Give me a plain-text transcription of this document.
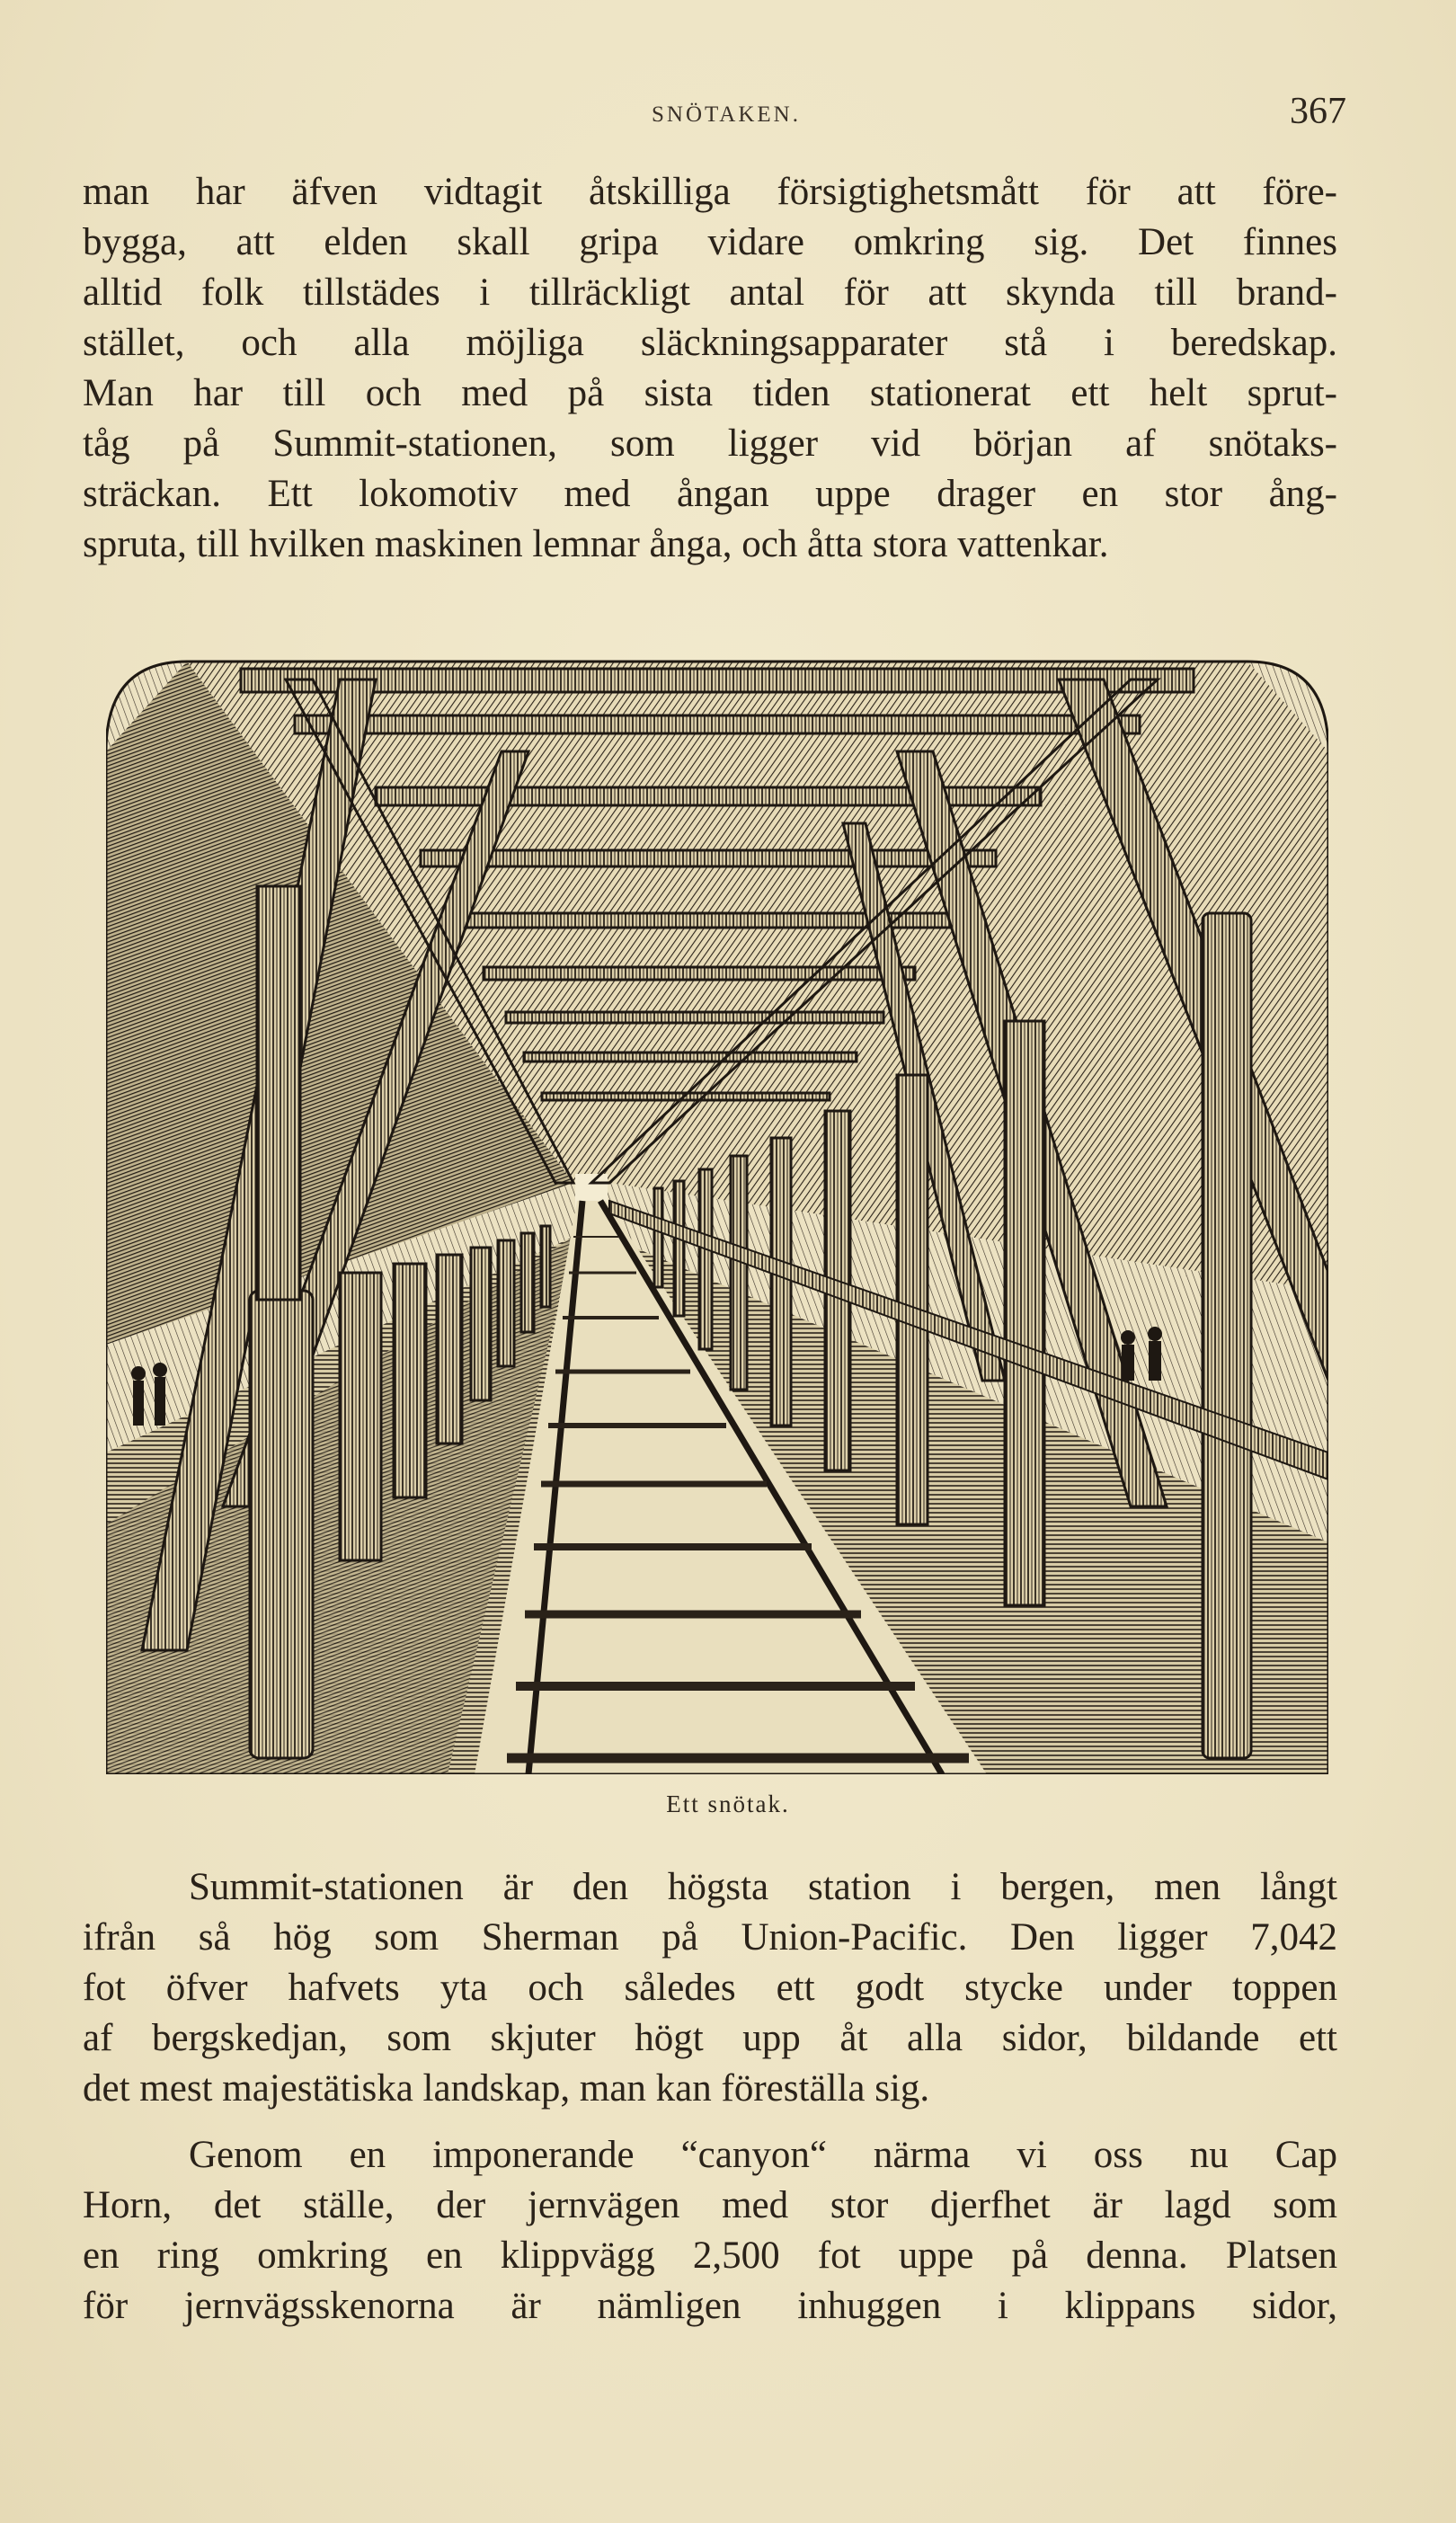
SNÖTAKEN.	367

man har äfven vidtagit åtskilliga försigtighetsmått för att före-
bygga, att elden skall gripa vidare omkring sig. Det finnes
alltid folk tillstädes i tillräckligt antal för att skynda till brand-
stället, och alla möjliga släckningsapparater stå i beredskap.
Man har till och med på sista tiden stationerat ett helt sprut-
tåg på Summit-stationen, som ligger vid början af snötaks-
sträckan. Ett lokomotiv med ångan uppe drager en stor ång-
spruta, till hvilken maskinen lemnar ånga, och åtta stora vattenkar.

Ett snötak.

Summit-stationen är den högsta station i bergen, men långt
ifrån så hög som Sherman på Union-Pacific. Den ligger 7,042
fot öfver hafvets yta och således ett godt stycke under toppen
af bergskedjan, som skjuter högt upp åt alla sidor, bildande ett
det mest majestätiska landskap, man kan föreställa sig.

Genom en imponerande “canyon“ närma vi oss nu Cap
Horn, det ställe, der jernvägen med stor djerfhet är lagd som
en ring omkring en klippvägg 2,500 fot uppe på denna. Platsen
för jernvägsskenorna är nämligen inhuggen i klippans sidor,
